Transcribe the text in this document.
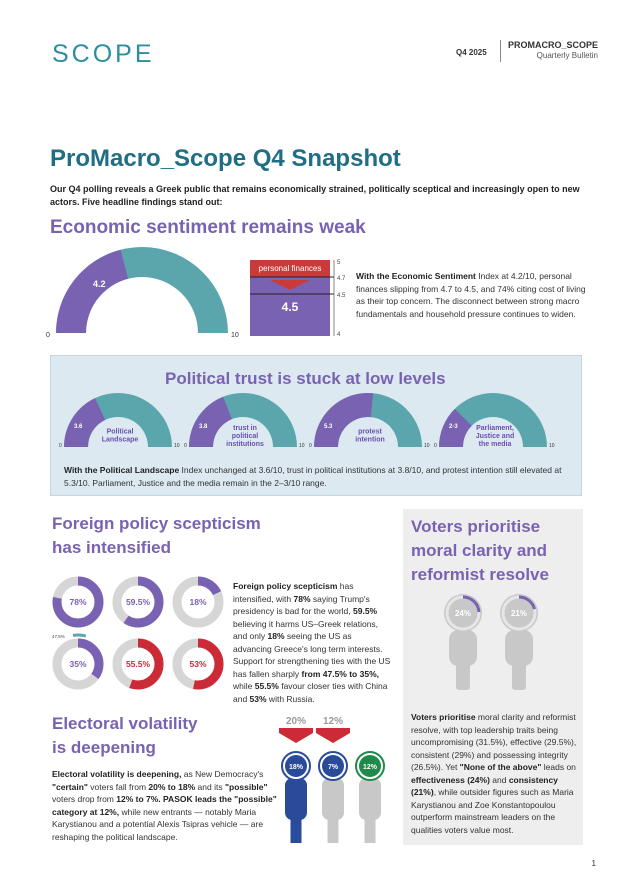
SCOPE	Q4 2025
PROMACRO_SCOPE
Quarterly Bulletin
ProMacro_Scope Q4 Snapshot
Our Q4 polling reveals a Greek public that remains economically strained, politically sceptical and increasingly open to new actors. Five headline findings stand out:
Economic sentiment remains weak
4.2
0	10
personal finances
4.5
5
4.7
4.5
4
With the Economic Sentiment Index at 4.2/10, personal finances slipping from 4.7 to 4.5, and 74% citing cost of living as their top concern. The disconnect between strong macro fundamentals and household pressure continues to widen.
Political trust is stuck at low levels
3.6
Political
Landscape
0	10
3.8	trust in
political
institutions
0	10
5.3
protest
intention
0	10
2-3	Parliament,
Justice and
the media
0	10
With the Political Landscape Index unchanged at 3.6/10, trust in political institutions at 3.8/10, and protest intention still elevated at 5.3/10. Parliament, Justice and the media remain in the 2–3/10 range.
Foreign policy scepticism
has intensified
78%	59.5%	18%
35%	55.5%	53%
47.5%
Foreign policy scepticism has intensified, with 78% saying Trump's presidency is bad for the world, 59.5% believing it harms US–Greek relations, and only 18% seeing the US as advancing Greece's long term interests. Support for strengthening ties with the US has fallen sharply from 47.5% to 35%, while 55.5% favour closer ties with China and 53% with Russia.
Voters prioritise moral clarity and reformist resolve
24%	21%
Voters prioritise moral clarity and reformist resolve, with top leadership traits being uncompromising (31.5%), effective (29.5%), consistent (29%) and possessing integrity (26.5%). Yet "None of the above" leads on effectiveness (24%) and consistency (21%), while outsider figures such as Maria Karystianou and Zoe Konstantopoulou outperform mainstream leaders on the qualities voters value most.
Electoral volatility
is deepening
20% 12%
18%	7%	12%
Electoral volatility is deepening, as New Democracy's "certain" voters fall from 20% to 18% and its "possible" voters drop from 12% to 7%. PASOK leads the "possible" category at 12%, while new entrants — notably Maria Karystianou and a potential Alexis Tsipras vehicle — are reshaping the political landscape.
1
